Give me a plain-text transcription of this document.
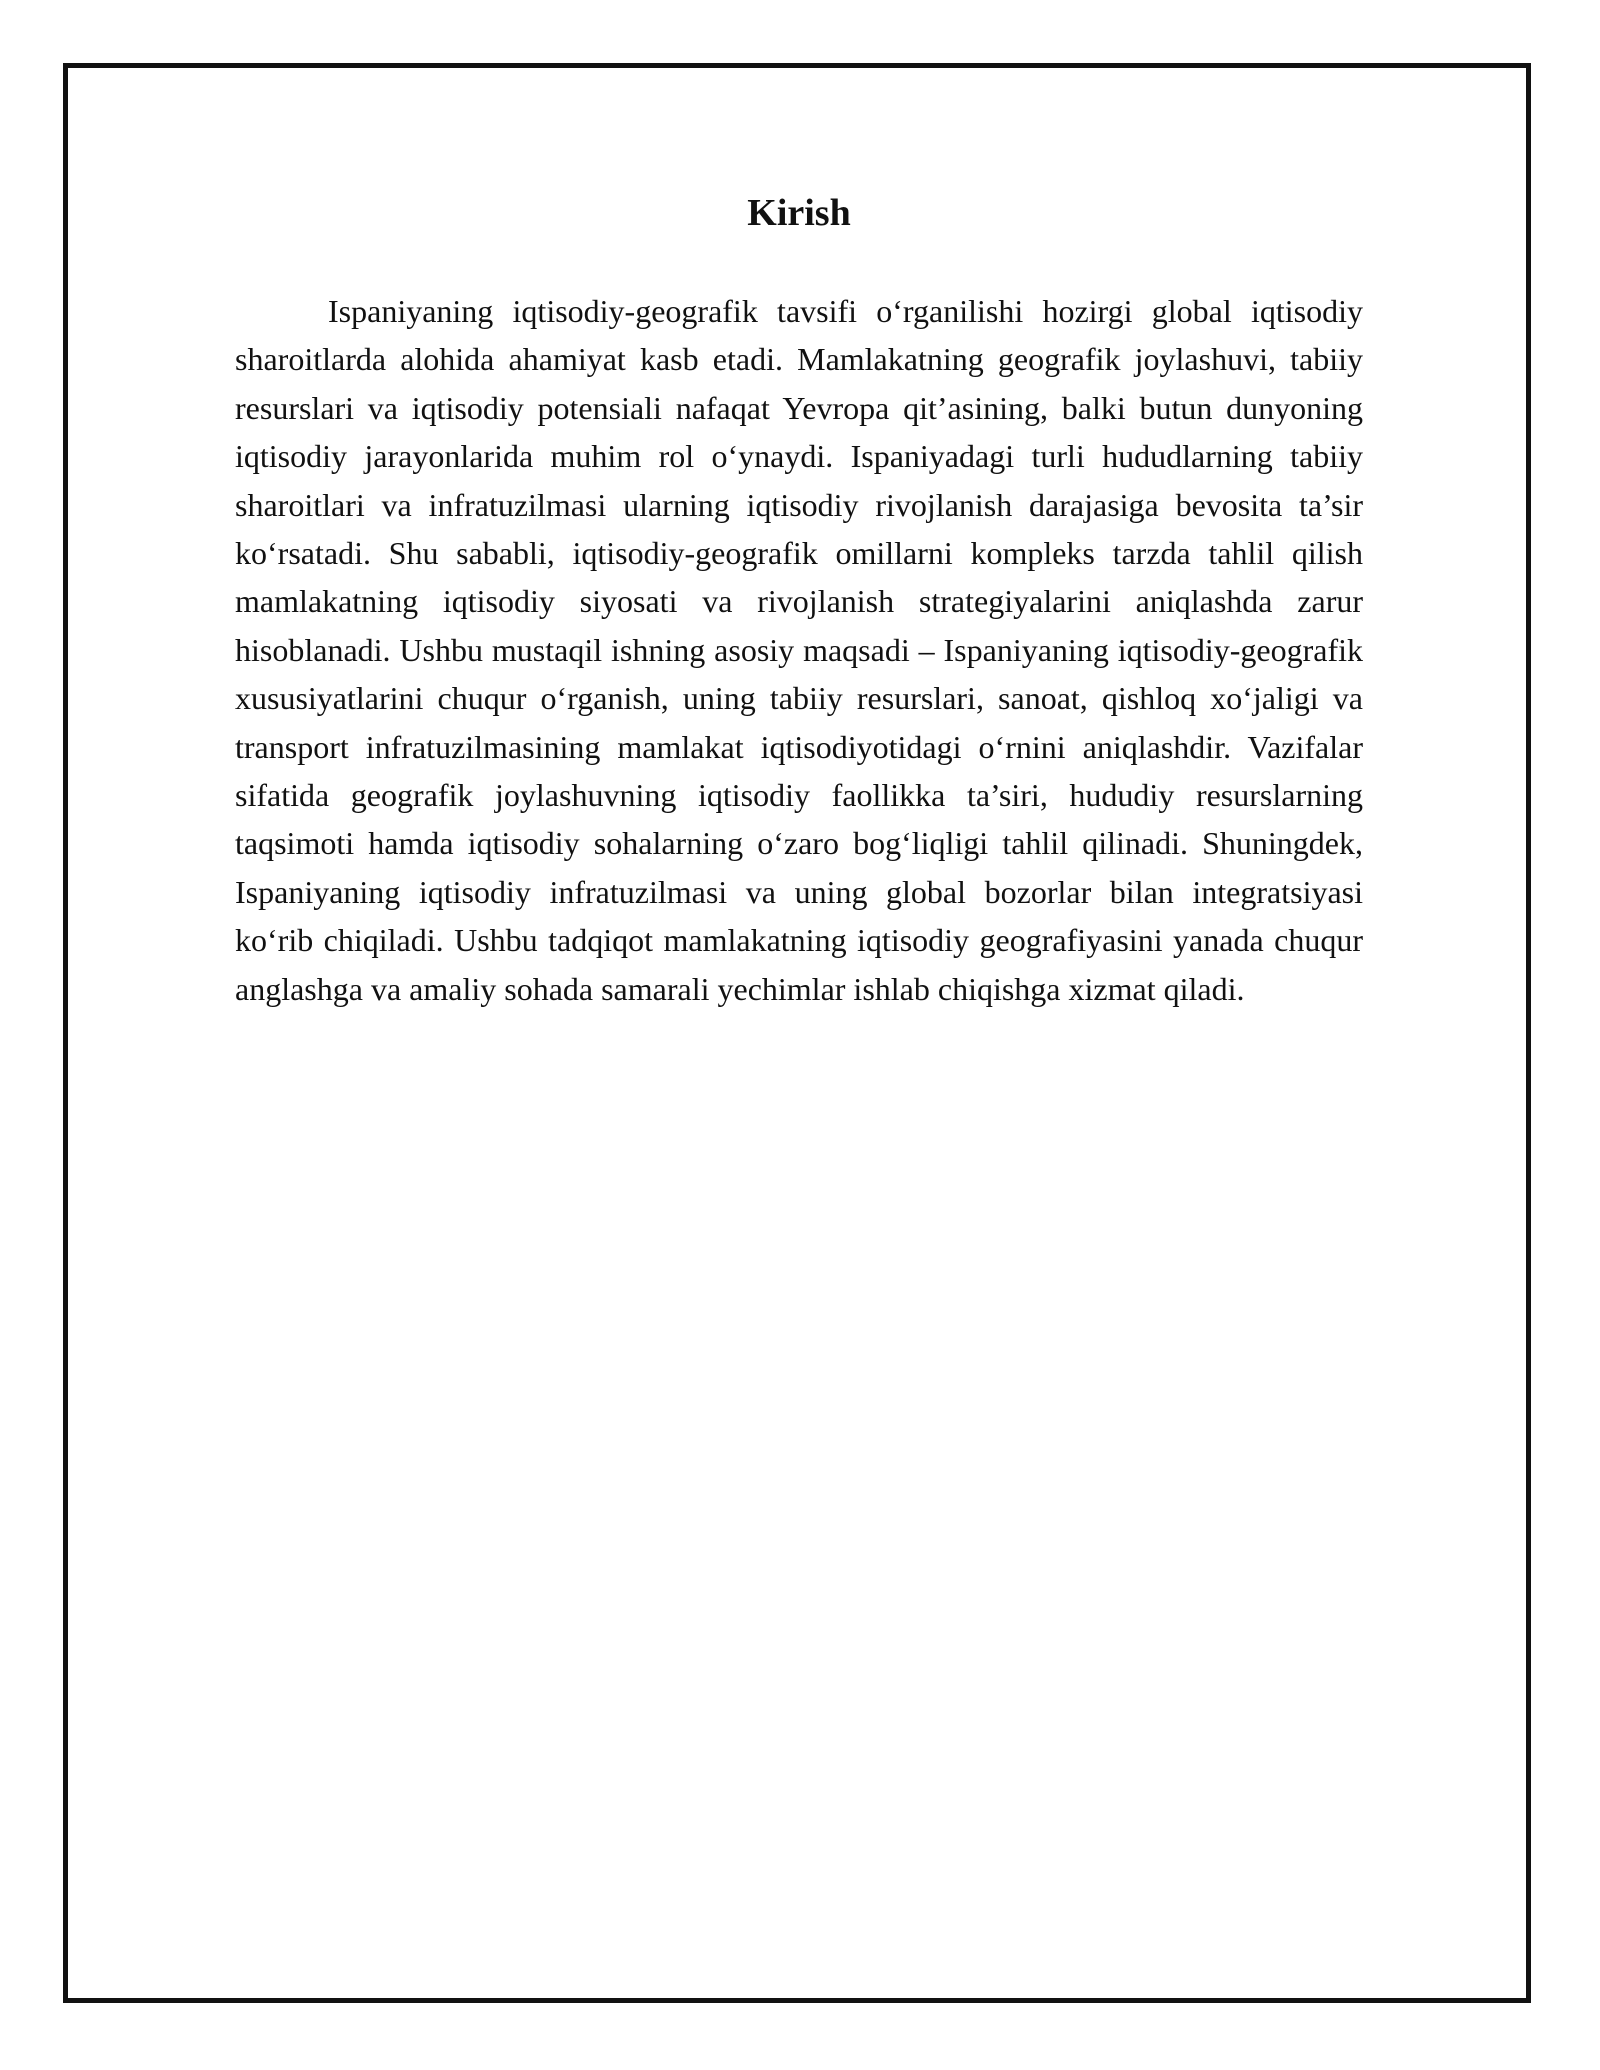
Kirish

Ispaniyaning iqtisodiy-geografik tavsifi o‘rganilishi hozirgi global iqtisodiy sharoitlarda alohida ahamiyat kasb etadi. Mamlakatning geografik joylashuvi, tabiiy resurslari va iqtisodiy potensiali nafaqat Yevropa qit’asining, balki butun dunyoning iqtisodiy jarayonlarida muhim rol o‘ynaydi. Ispaniyadagi turli hududlarning tabiiy sharoitlari va infratuzilmasi ularning iqtisodiy rivojlanish darajasiga bevosita ta’sir ko‘rsatadi. Shu sababli, iqtisodiy-geografik omillarni kompleks tarzda tahlil qilish mamlakatning iqtisodiy siyosati va rivojlanish strategiyalarini aniqlashda zarur hisoblanadi. Ushbu mustaqil ishning asosiy maqsadi – Ispaniyaning iqtisodiy-geografik xususiyatlarini chuqur o‘rganish, uning tabiiy resurslari, sanoat, qishloq xo‘jaligi va transport infratuzilmasining mamlakat iqtisodiyotidagi o‘rnini aniqlashdir. Vazifalar sifatida geografik joylashuvning iqtisodiy faollikka ta’siri, hududiy resurslarning taqsimoti hamda iqtisodiy sohalarning o‘zaro bog‘liqligi tahlil qilinadi. Shuningdek, Ispaniyaning iqtisodiy infratuzilmasi va uning global bozorlar bilan integratsiyasi ko‘rib chiqiladi. Ushbu tadqiqot mamlakatning iqtisodiy geografiyasini yanada chuqur anglashga va amaliy sohada samarali yechimlar ishlab chiqishga xizmat qiladi.
